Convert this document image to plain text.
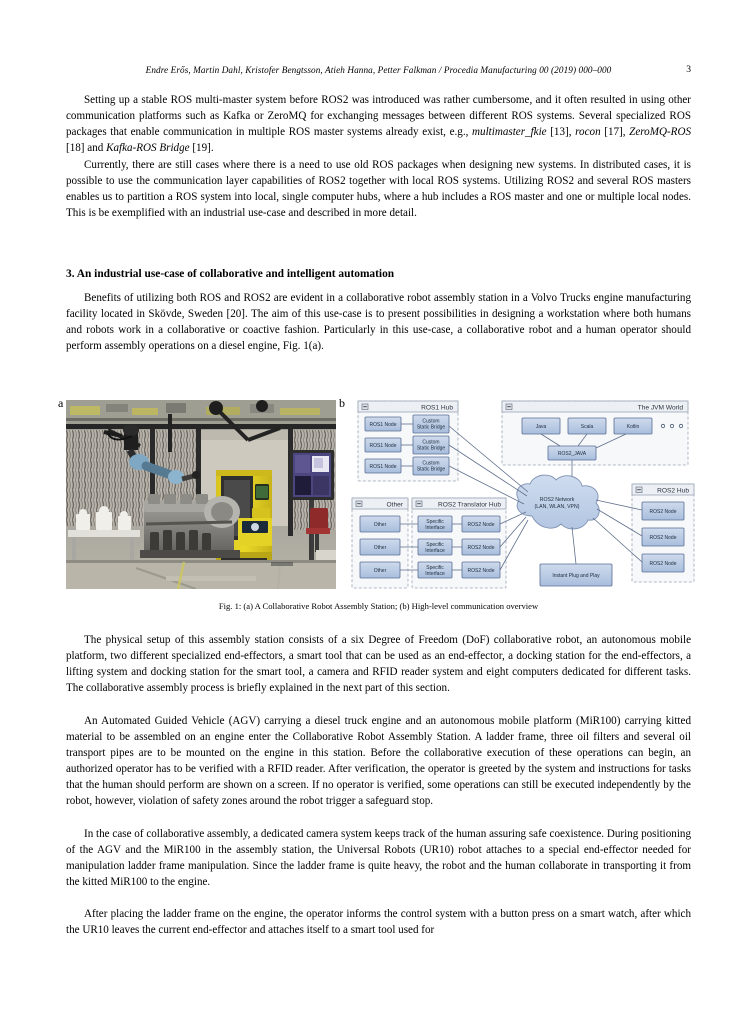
Endre Erős, Martin Dahl, Kristofer Bengtsson, Atieh Hanna, Petter Falkman / Procedia Manufacturing 00 (2019) 000–000	3

Setting up a stable ROS multi-master system before ROS2 was introduced was rather cumbersome, and it often resulted in using other communication platforms such as Kafka or ZeroMQ for exchanging messages between different ROS systems. Several specialized ROS packages that enable communication in multiple ROS master systems already exist, e.g., multimaster_fkie [13], rocon [17], ZeroMQ-ROS [18] and Kafka-ROS Bridge [19].

Currently, there are still cases where there is a need to use old ROS packages when designing new systems. In distributed cases, it is possible to use the communication layer capabilities of ROS2 together with local ROS systems. Utilizing ROS2 and several ROS masters enables us to partition a ROS system into local, single computer hubs, where a hub includes a ROS master and one or multiple local nodes. This is be exemplified with an industrial use-case and described in more detail.

3. An industrial use-case of collaborative and intelligent automation

Benefits of utilizing both ROS and ROS2 are evident in a collaborative robot assembly station in a Volvo Trucks engine manufacturing facility located in Skövde, Sweden [20]. The aim of this use-case is to present possibilities in designing a workstation where both humans and robots work in a collaborative or coactive fashion. Particularly in this use-case, a collaborative robot and a human operator should perform assembly operations on a diesel engine, Fig. 1(a).

a	b	ROS1 Hub
ROS1 Node
ROS1 Node
ROS1 Node
Custom
Static Bridge
Custom
Static Bridge
Custom
Static Bridge
The JVM World
Java	Scala	Kotlin
ROS2_JAVA
Other
Other
Other
Other
ROS2 Translator Hub
Specific
Interface
Specific
Interface
Specific
Interface
ROS2 Node
ROS2 Node
ROS2 Node
ROS2 Hub
ROS2 Node
ROS2 Node
ROS2 Node
Instant Plug and Play
ROS2 Network
(LAN, WLAN, VPN)
Fig. 1: (a) A Collaborative Robot Assembly Station; (b) High-level communication overview

The physical setup of this assembly station consists of a six Degree of Freedom (DoF) collaborative robot, an autonomous mobile platform, two different specialized end-effectors, a smart tool that can be used as an end-effector, a docking station for the end-effectors, a lifting system and docking station for the smart tool, a camera and RFID reader system and eight computers dedicated for different tasks. The collaborative assembly process is briefly explained in the next part of this section.

An Automated Guided Vehicle (AGV) carrying a diesel truck engine and an autonomous mobile platform (MiR100) carrying kitted material to be assembled on an engine enter the Collaborative Robot Assembly Station. A ladder frame, three oil filters and several oil transport pipes are to be mounted on the engine in this station. Before the collaborative execution of these operations can begin, an authorized operator has to be verified with a RFID reader. After verification, the operator is greeted by the system and instructions for tasks that the human should perform are shown on a screen. If no operator is verified, some operations can still be executed independently by the robot, however, violation of safety zones around the robot trigger a safeguard stop.

In the case of collaborative assembly, a dedicated camera system keeps track of the human assuring safe coexistence. During positioning of the AGV and the MiR100 in the assembly station, the Universal Robots (UR10) robot attaches to a special end-effector needed for manipulation ladder frame manipulation. Since the ladder frame is quite heavy, the robot and the human collaborate in transporting it from the kitted MiR100 to the engine.

After placing the ladder frame on the engine, the operator informs the control system with a button press on a smart watch, after which the UR10 leaves the current end-effector and attaches itself to a smart tool used for
